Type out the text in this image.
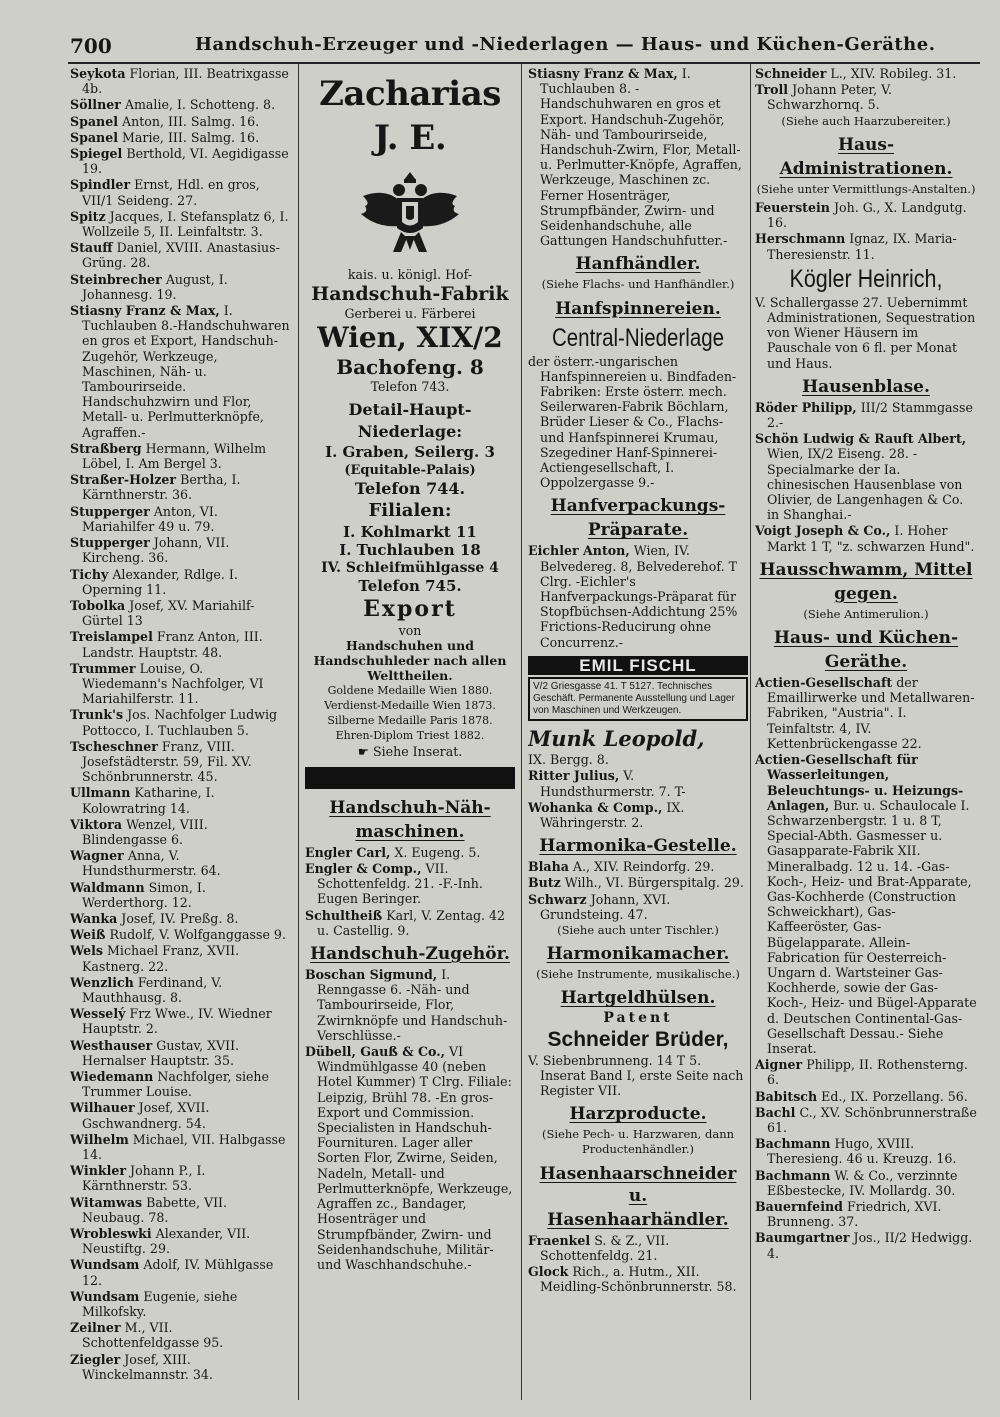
700	Handschuh-Erzeuger und -Niederlagen — Haus- und Küchen-Geräthe.
Seykota Florian, III. Beatrixgasse 4b.
Söllner Amalie, I. Schotteng. 8.
Spanel Anton, III. Salmg. 16.
Spanel Marie, III. Salmg. 16.
Spiegel Berthold, VI. Aegidigasse 19.
Spindler Ernst, Hdl. en gros, VII/1 Seideng. 27.
Spitz Jacques, I. Stefansplatz 6, I. Wollzeile 5, II. Leinfaltstr. 3.
Stauff Daniel, XVIII. Anastasius-Grüng. 28.
Steinbrecher August, I. Johannesg. 19.
Stiasny Franz & Max, I. Tuchlauben 8.-Handschuhwaren en gros et Export, Handschuh-Zugehör, Werkzeuge, Maschinen, Näh- u. Tambourirseide. Handschuhzwirn und Flor, Metall- u. Perlmutterknöpfe, Agraffen.-
Straßberg Hermann, Wilhelm Löbel, I. Am Bergel 3.
Straßer-Holzer Bertha, I. Kärnthnerstr. 36.
Stupperger Anton, VI. Mariahilfer 49 u. 79.
Stupperger Johann, VII. Kircheng. 36.
Tichy Alexander, Rdlge. I. Operning 11.
Tobolka Josef, XV. Mariahilf-Gürtel 13
Treislampel Franz Anton, III. Landstr. Hauptstr. 48.
Trummer Louise, O. Wiedemann's Nachfolger, VI Mariahilferstr. 11.
Trunk's Jos. Nachfolger Ludwig Pottocco, I. Tuchlauben 5.
Tscheschner Franz, VIII. Josefstädterstr. 59, Fil. XV. Schönbrunnerstr. 45.
Ullmann Katharine, I. Kolowratring 14.
Viktora Wenzel, VIII. Blindengasse 6.
Wagner Anna, V. Hundsthurmerstr. 64.
Waldmann Simon, I. Werderthorg. 12.
Wanka Josef, IV. Preßg. 8.
Weiß Rudolf, V. Wolfganggasse 9.
Wels Michael Franz, XVII. Kastnerg. 22.
Wenzlich Ferdinand, V. Mauthhausg. 8.
Wesselý Frz Wwe., IV. Wiedner Hauptstr. 2.
Westhauser Gustav, XVII. Hernalser Hauptstr. 35.
Wiedemann Nachfolger, siehe Trummer Louise.
Wilhauer Josef, XVII. Gschwandnerg. 54.
Wilhelm Michael, VII. Halbgasse 14.
Winkler Johann P., I. Kärnthnerstr. 53.
Witamwas Babette, VII. Neubaug. 78.
Wrobleswki Alexander, VII. Neustiftg. 29.
Wundsam Adolf, IV. Mühlgasse 12.
Wundsam Eugenie, siehe Milkofsky.
Zeilner M., VII. Schottenfeldgasse 95.
Ziegler Josef, XIII. Winckelmannstr. 34.
Zacharias J. E.
kais. u. königl. Hof-
Handschuh-Fabrik
Gerberei u. Färberei
Wien, XIX/2
Bachofeng. 8
Telefon 743.
Detail-Haupt-Niederlage:
I. Graben, Seilerg. 3
(Equitable-Palais)
Telefon 744.
Filialen:
I. Kohlmarkt 11
I. Tuchlauben 18
IV. Schleifmühlgasse 4
Telefon 745.
Export
von
Handschuhen und Handschuhleder nach allen Welttheilen.
Goldene Medaille Wien 1880.
Verdienst-Medaille Wien 1873.
Silberne Medaille Paris 1878.
Ehren-Diplom Triest 1882.
☛ Siehe Inserat.
Handschuh-Näh-
maschinen.
Engler Carl, X. Eugeng. 5.
Engler & Comp., VII. Schottenfeldg. 21. -F.-Inh. Eugen Beringer.
Schultheiß Karl, V. Zentag. 42 u. Castellig. 9.
Handschuh-Zugehör.
Boschan Sigmund, I. Renngasse 6. -Näh- und Tambourirseide, Flor, Zwirnknöpfe und Handschuh-Verschlüsse.-
Dübell, Gauß & Co., VI Windmühlgasse 40 (neben Hotel Kummer) T Clrg. Filiale: Leipzig, Brühl 78. -En gros-Export und Commission. Specialisten in Handschuh-Fournituren. Lager aller Sorten Flor, Zwirne, Seiden, Nadeln, Metall- und Perlmutterknöpfe, Werkzeuge, Agraffen zc., Bandager, Hosenträger und Strumpfbänder, Zwirn- und Seidenhandschuhe, Militär- und Waschhandschuhe.-
Stiasny Franz & Max, I. Tuchlauben 8. -Handschuhwaren en gros et Export. Handschuh-Zugehör, Näh- und Tambourirseide, Handschuh-Zwirn, Flor, Metall- u. Perlmutter-Knöpfe, Agraffen, Werkzeuge, Maschinen zc. Ferner Hosenträger, Strumpfbänder, Zwirn- und Seidenhandschuhe, alle Gattungen Handschuhfutter.-
Hanfhändler.
(Siehe Flachs- und Hanfhändler.)
Hanfspinnereien.
Central-Niederlage
der österr.-ungarischen Hanfspinnereien u. Bindfaden-Fabriken: Erste österr. mech. Seilerwaren-Fabrik Böchlarn, Brüder Lieser & Co., Flachs- und Hanfspinnerei Krumau, Szegediner Hanf-Spinnerei-Actiengesellschaft, I. Oppolzergasse 9.-
Hanfverpackungs-
Präparate.
Eichler Anton, Wien, IV. Belvedereg. 8, Belvederehof. T Clrg. -Eichler's Hanfverpackungs-Präparat für Stopfbüchsen-Addichtung 25% Frictions-Reducirung ohne Concurrenz.-
EMIL FISCHL
V/2 Griesgasse 41. T 5127. Technisches Geschäft. Permanente Ausstellung und Lager von Maschinen und Werkzeugen.
Munk Leopold,
IX. Bergg. 8.
Ritter Julius, V. Hundsthurmerstr. 7. T-
Wohanka & Comp., IX. Währingerstr. 2.
Harmonika-Gestelle.
Blaha A., XIV. Reindorfg. 29.
Butz Wilh., VI. Bürgerspitalg. 29.
Schwarz Johann, XVI. Grundsteing. 47.
(Siehe auch unter Tischler.)
Harmonikamacher.
(Siehe Instrumente, musikalische.)
Hartgeldhülsen.
Patent
Schneider Brüder,
V. Siebenbrunneng. 14 T 5. Inserat Band I, erste Seite nach Register VII.
Harzproducte.
(Siehe Pech- u. Harzwaren, dann Productenhändler.)
Hasenhaarschneider u.
Hasenhaarhändler.
Fraenkel S. & Z., VII. Schottenfeldg. 21.
Glock Rich., a. Hutm., XII. Meidling-Schönbrunnerstr. 58.
Schneider L., XIV. Robileg. 31.
Troll Johann Peter, V. Schwarzhornq. 5.
(Siehe auch Haarzubereiter.)
Haus-
Administrationen.
(Siehe unter Vermittlungs-Anstalten.)
Feuerstein Joh. G., X. Landgutg. 16.
Herschmann Ignaz, IX. Maria-Theresienstr. 11.
Kögler Heinrich,
V. Schallergasse 27. Uebernimmt Administrationen, Sequestration von Wiener Häusern im Pauschale von 6 fl. per Monat und Haus.
Hausenblase.
Röder Philipp, III/2 Stammgasse 2.-
Schön Ludwig & Rauft Albert, Wien, IX/2 Eiseng. 28. -Specialmarke der Ia. chinesischen Hausenblase von Olivier, de Langenhagen & Co. in Shanghai.-
Voigt Joseph & Co., I. Hoher Markt 1 T, "z. schwarzen Hund".
Hausschwamm, Mittel
gegen.
(Siehe Antimerulion.)
Haus- und Küchen-
Geräthe.
Actien-Gesellschaft der Emaillirwerke und Metallwaren-Fabriken, "Austria". I. Teinfaltstr. 4, IV. Kettenbrückengasse 22.
Actien-Gesellschaft für Wasserleitungen, Beleuchtungs- u. Heizungs-Anlagen, Bur. u. Schaulocale I. Schwarzenbergstr. 1 u. 8 T, Special-Abth. Gasmesser u. Gasapparate-Fabrik XII. Mineralbadg. 12 u. 14. -Gas-Koch-, Heiz- und Brat-Apparate, Gas-Kochherde (Construction Schweickhart), Gas-Kaffeeröster, Gas-Bügelapparate. Allein-Fabrication für Oesterreich-Ungarn d. Wartsteiner Gas-Kochherde, sowie der Gas-Koch-, Heiz- und Bügel-Apparate d. Deutschen Continental-Gas-Gesellschaft Dessau.- Siehe Inserat.
Aigner Philipp, II. Rothensterng. 6.
Babitsch Ed., IX. Porzellang. 56.
Bachl C., XV. Schönbrunnerstraße 61.
Bachmann Hugo, XVIII. Theresieng. 46 u. Kreuzg. 16.
Bachmann W. & Co., verzinnte Eßbestecke, IV. Mollardg. 30.
Bauernfeind Friedrich, XVI. Brunneng. 37.
Baumgartner Jos., II/2 Hedwigg. 4.
